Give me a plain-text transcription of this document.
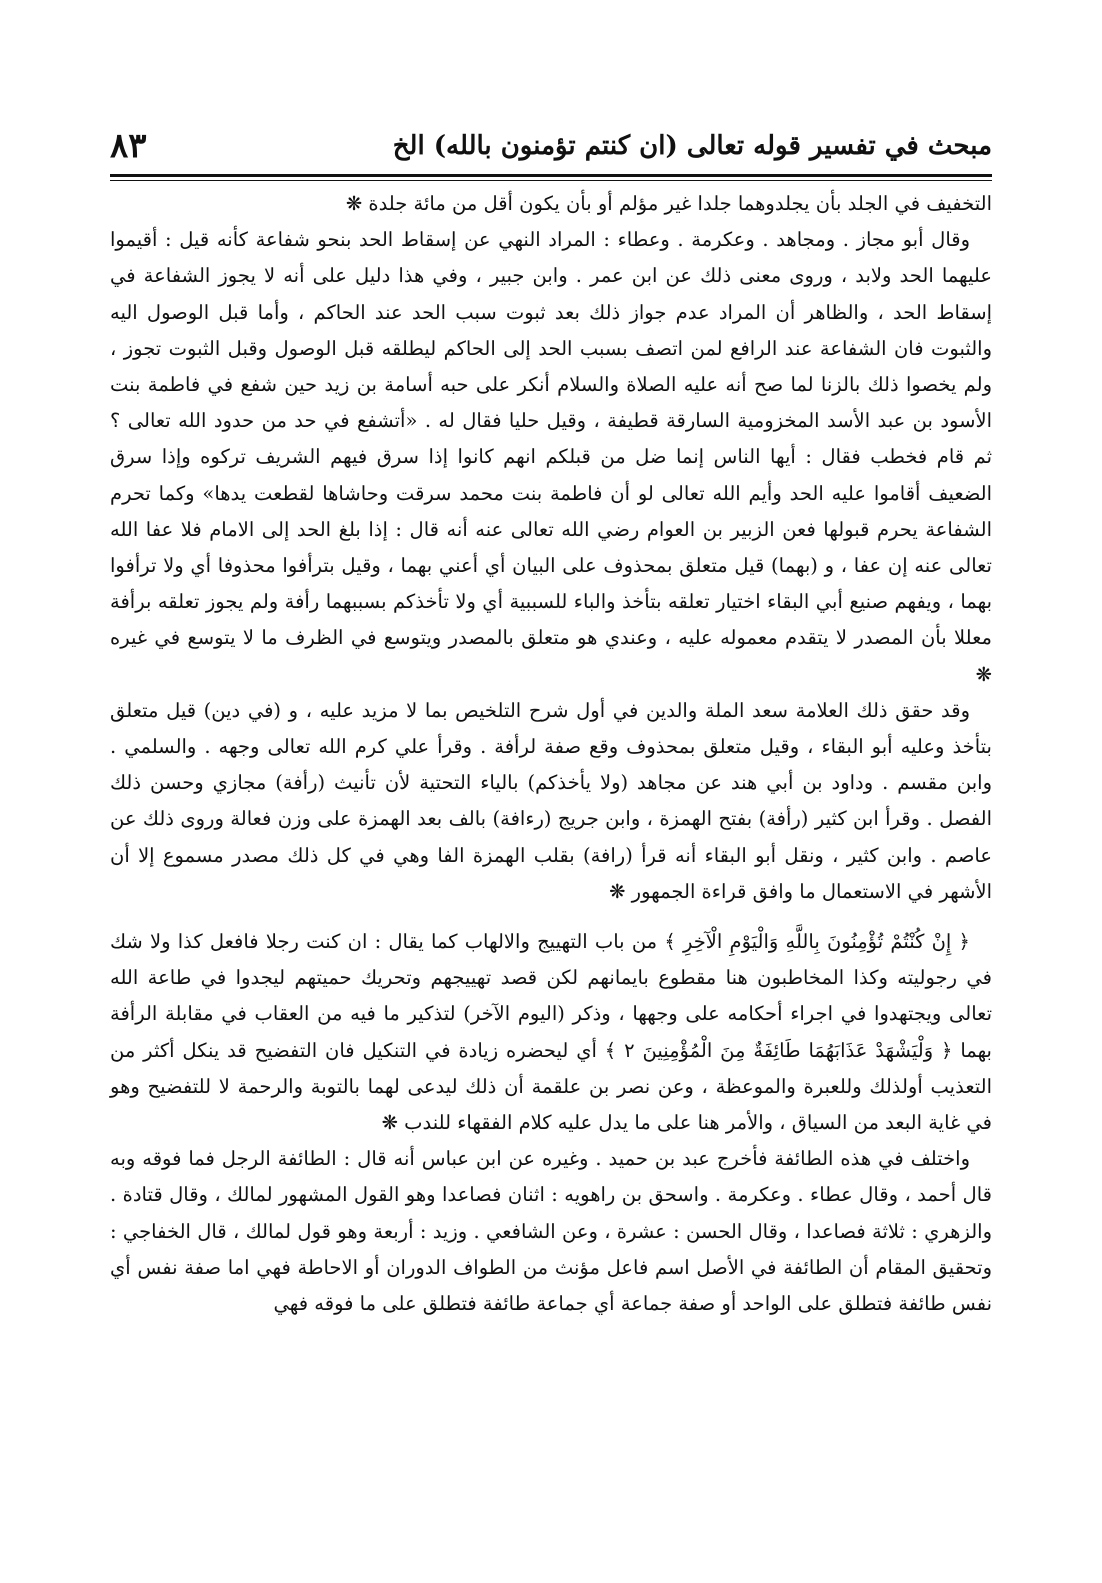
مبحث في تفسير قوله تعالى (ان كنتم تؤمنون بالله) الخ
٨٣

التخفيف في الجلد بأن يجلدوهما جلدا غير مؤلم أو بأن يكون أقل من مائة جلدة ❋

وقال أبو مجاز . ومجاهد . وعكرمة . وعطاء : المراد النهي عن إسقاط الحد بنحو شفاعة كأنه قيل : أقيموا عليهما الحد ولابد ، وروى معنى ذلك عن ابن عمر . وابن جبير ، وفي هذا دليل على أنه لا يجوز الشفاعة في إسقاط الحد ، والظاهر أن المراد عدم جواز ذلك بعد ثبوت سبب الحد عند الحاكم ، وأما قبل الوصول اليه والثبوت فان الشفاعة عند الرافع لمن اتصف بسبب الحد إلى الحاكم ليطلقه قبل الوصول وقبل الثبوت تجوز ، ولم يخصوا ذلك بالزنا لما صح أنه عليه الصلاة والسلام أنكر على حبه أسامة بن زيد حين شفع في فاطمة بنت الأسود بن عبد الأسد المخزومية السارقة قطيفة ، وقيل حليا فقال له . «أتشفع في حد من حدود الله تعالى ؟ ثم قام فخطب فقال : أيها الناس إنما ضل من قبلكم انهم كانوا إذا سرق فيهم الشريف تركوه وإذا سرق الضعيف أقاموا عليه الحد وأيم الله تعالى لو أن فاطمة بنت محمد سرقت وحاشاها لقطعت يدها» وكما تحرم الشفاعة يحرم قبولها فعن الزبير بن العوام رضي الله تعالى عنه أنه قال : إذا بلغ الحد إلى الامام فلا عفا الله تعالى عنه إن عفا ، و (بهما) قيل متعلق بمحذوف على البيان أي أعني بهما ، وقيل بترأفوا محذوفا أي ولا ترأفوا بهما ، ويفهم صنيع أبي البقاء اختيار تعلقه بتأخذ والباء للسببية أي ولا تأخذكم بسببهما رأفة ولم يجوز تعلقه برأفة معللا بأن المصدر لا يتقدم معموله عليه ، وعندي هو متعلق بالمصدر ويتوسع في الظرف ما لا يتوسع في غيره ❋

وقد حقق ذلك العلامة سعد الملة والدين في أول شرح التلخيص بما لا مزيد عليه ، و (في دين) قيل متعلق بتأخذ وعليه أبو البقاء ، وقيل متعلق بمحذوف وقع صفة لرأفة . وقرأ علي كرم الله تعالى وجهه . والسلمي . وابن مقسم . وداود بن أبي هند عن مجاهد (ولا يأخذكم) بالياء التحتية لأن تأنيث (رأفة) مجازي وحسن ذلك الفصل . وقرأ ابن كثير (رأفة) بفتح الهمزة ، وابن جريج (رءافة) بالف بعد الهمزة على وزن فعالة وروى ذلك عن عاصم . وابن كثير ، ونقل أبو البقاء أنه قرأ (رافة) بقلب الهمزة الفا وهي في كل ذلك مصدر مسموع إلا أن الأشهر في الاستعمال ما وافق قراءة الجمهور ❋

﴿ إِنْ كُنْتُمْ تُؤْمِنُونَ بِاللَّهِ وَالْيَوْمِ الْآخِرِ ﴾ من باب التهييج والالهاب كما يقال : ان كنت رجلا فافعل كذا ولا شك في رجوليته وكذا المخاطبون هنا مقطوع بايمانهم لكن قصد تهييجهم وتحريك حميتهم ليجدوا في طاعة الله تعالى ويجتهدوا في اجراء أحكامه على وجهها ، وذكر (اليوم الآخر) لتذكير ما فيه من العقاب في مقابلة الرأفة بهما ﴿ وَلْيَشْهَدْ عَذَابَهُمَا طَائِفَةٌ مِنَ الْمُؤْمِنِينَ ٢ ﴾ أي ليحضره زيادة في التنكيل فان التفضيح قد ينكل أكثر من التعذيب أولذلك وللعبرة والموعظة ، وعن نصر بن علقمة أن ذلك ليدعى لهما بالتوبة والرحمة لا للتفضيح وهو في غاية البعد من السياق ، والأمر هنا على ما يدل عليه كلام الفقهاء للندب ❋

واختلف في هذه الطائفة فأخرج عبد بن حميد . وغيره عن ابن عباس أنه قال : الطائفة الرجل فما فوقه وبه قال أحمد ، وقال عطاء . وعكرمة . واسحق بن راهويه : اثنان فصاعدا وهو القول المشهور لمالك ، وقال قتادة . والزهري : ثلاثة فصاعدا ، وقال الحسن : عشرة ، وعن الشافعي . وزيد : أربعة وهو قول لمالك ، قال الخفاجي : وتحقيق المقام أن الطائفة في الأصل اسم فاعل مؤنث من الطواف الدوران أو الاحاطة فهي اما صفة نفس أي نفس طائفة فتطلق على الواحد أو صفة جماعة أي جماعة طائفة فتطلق على ما فوقه فهي
